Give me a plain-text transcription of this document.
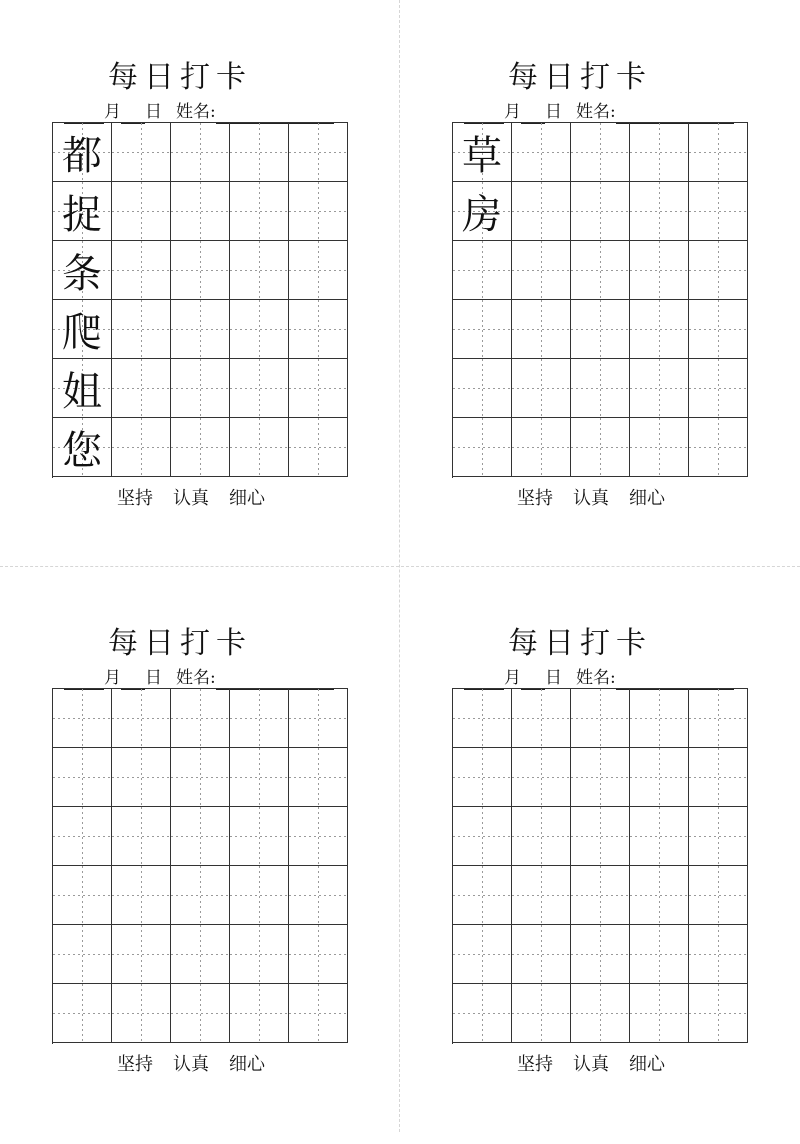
每日打卡
月 日 姓名:
都
捉
条
爬
姐
您
坚持 认真 细心
每日打卡
月 日 姓名:
草
房
坚持 认真 细心
每日打卡
月 日 姓名:
坚持 认真 细心
每日打卡
月 日 姓名:
坚持 认真 细心
